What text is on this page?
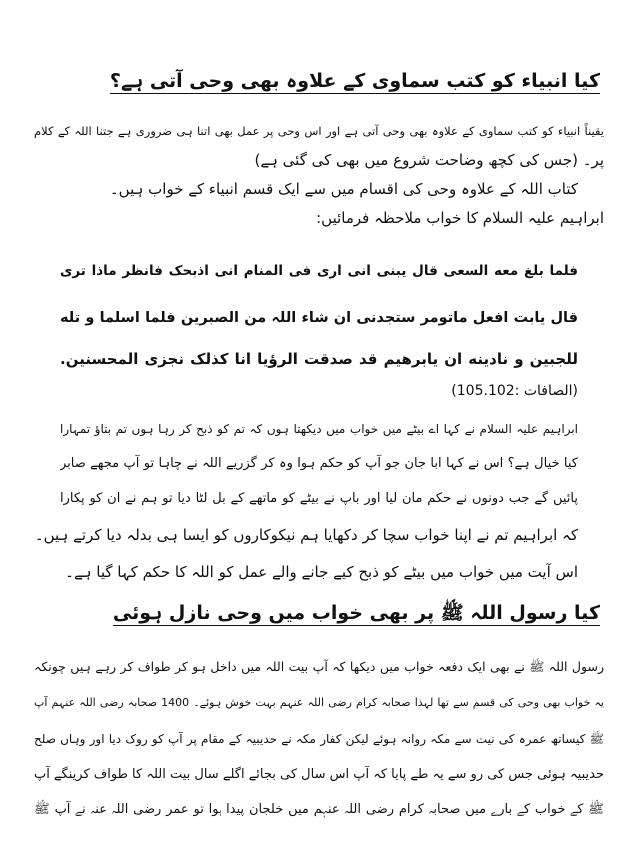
کیا انبیاء کو کتب سماوی کے علاوہ بھی وحی آتی ہے؟
یقیناً انبیاء کو کتب سماوی کے علاوہ بھی وحی آتی ہے اور اس وحی پر عمل بھی اتنا ہی ضروری ہے جتنا اللہ کے کلام
پر۔ (جس کی کچھ وضاحت شروع میں بھی کی گئی ہے)
کتاب اللہ کے علاوہ وحی کی اقسام میں سے ایک قسم انبیاء کے خواب ہیں۔
ابراہیم علیہ السلام کا خواب ملاحظہ فرمائیں:
فلما بلغ معه السعی قال یبنی انی اری فی المنام انی اذبحک فانظر ماذا تری
قال یابت افعل ماتومر ستجدنی ان شاء اللہ من الصبرین فلما اسلما و تله
للجبین و نادینه ان یابرهیم قد صدقت الرؤیا انا کذلک نجزی المحسنین.
(الصافات :105.102)
ابراہیم علیہ السلام نے کہا اے بیٹے میں خواب میں دیکھتا ہوں کہ تم کو ذبح کر رہا ہوں تم بتاؤ تمہارا
کیا خیال ہے؟ اس نے کہا ابا جان جو آپ کو حکم ہوا وہ کر گزریے اللہ نے چاہا تو آپ مجھے صابر
پائیں گے جب دونوں نے حکم مان لیا اور باپ نے بیٹے کو ماتھے کے بل لٹا دیا تو ہم نے ان کو پکارا
کہ ابراہیم تم نے اپنا خواب سچا کر دکھایا ہم نیکوکاروں کو ایسا ہی بدلہ دیا کرتے ہیں۔
اس آیت میں خواب میں بیٹے کو ذبح کیے جانے والے عمل کو اللہ کا حکم کہا گیا ہے۔
کیا رسول اللہ ﷺ پر بھی خواب میں وحی نازل ہوئی
رسول اللہ ﷺ نے بھی ایک دفعہ خواب میں دیکھا کہ آپ بیت اللہ میں داخل ہو کر طواف کر رہے ہیں چونکہ
یہ خواب بھی وحی کی قسم سے تھا لہذا صحابہ کرام رضی اللہ عنہم بہت خوش ہوئے۔ 1400 صحابہ رضی اللہ عنہم آپ
ﷺ کیساتھ عمرہ کی نیت سے مکہ روانہ ہوئے لیکن کفار مکہ نے حدیبیہ کے مقام پر آپ کو روک دیا اور وہاں صلح
حدیبیہ ہوئی جس کی رو سے یہ طے پایا کہ آپ اس سال کی بجائے اگلے سال بیت اللہ کا طواف کرینگے آپ
ﷺ کے خواب کے بارے میں صحابہ کرام رضی اللہ عنہم میں خلجان پیدا ہوا تو عمر رضی اللہ عنہ نے آپ ﷺ
